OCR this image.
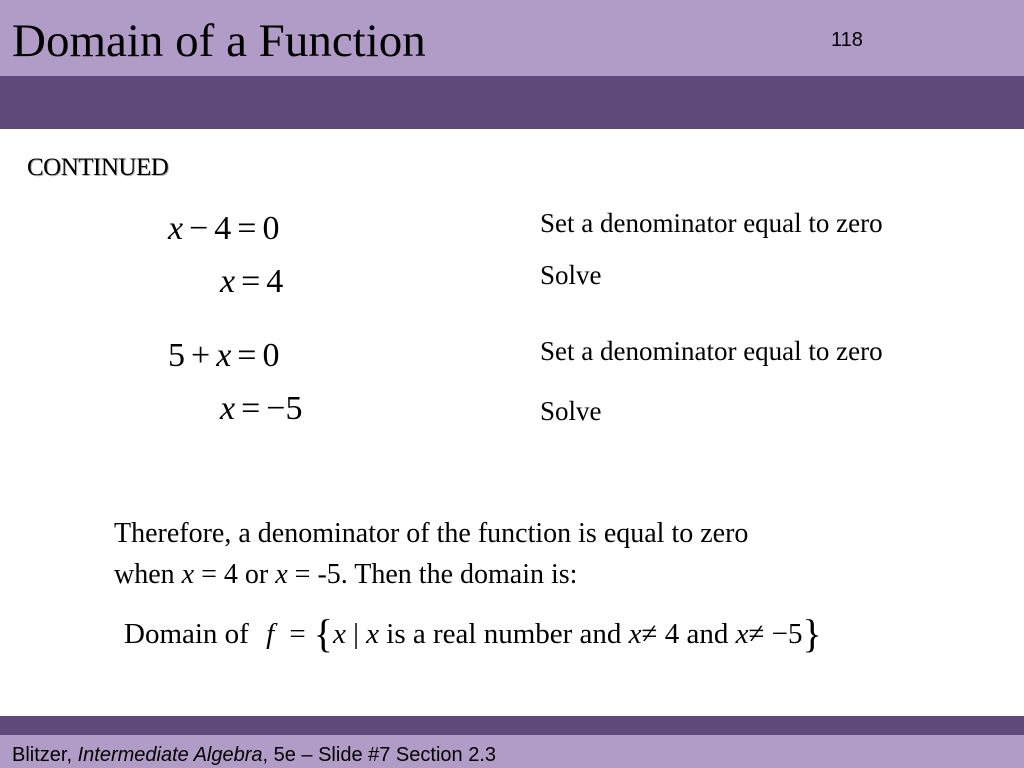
Domain of a Function	118
CONTINUED
x − 4 = 0	Set a denominator equal to zero
x = 4	Solve
5 + x = 0	Set a denominator equal to zero
x = −5	Solve
Therefore, a denominator of the function is equal to zero
when x = 4 or x = -5. Then the domain is:
Domain of f = {x | x is a real number and x≠ 4 and x≠ −5}
Blitzer, Intermediate Algebra, 5e – Slide #7 Section 2.3
